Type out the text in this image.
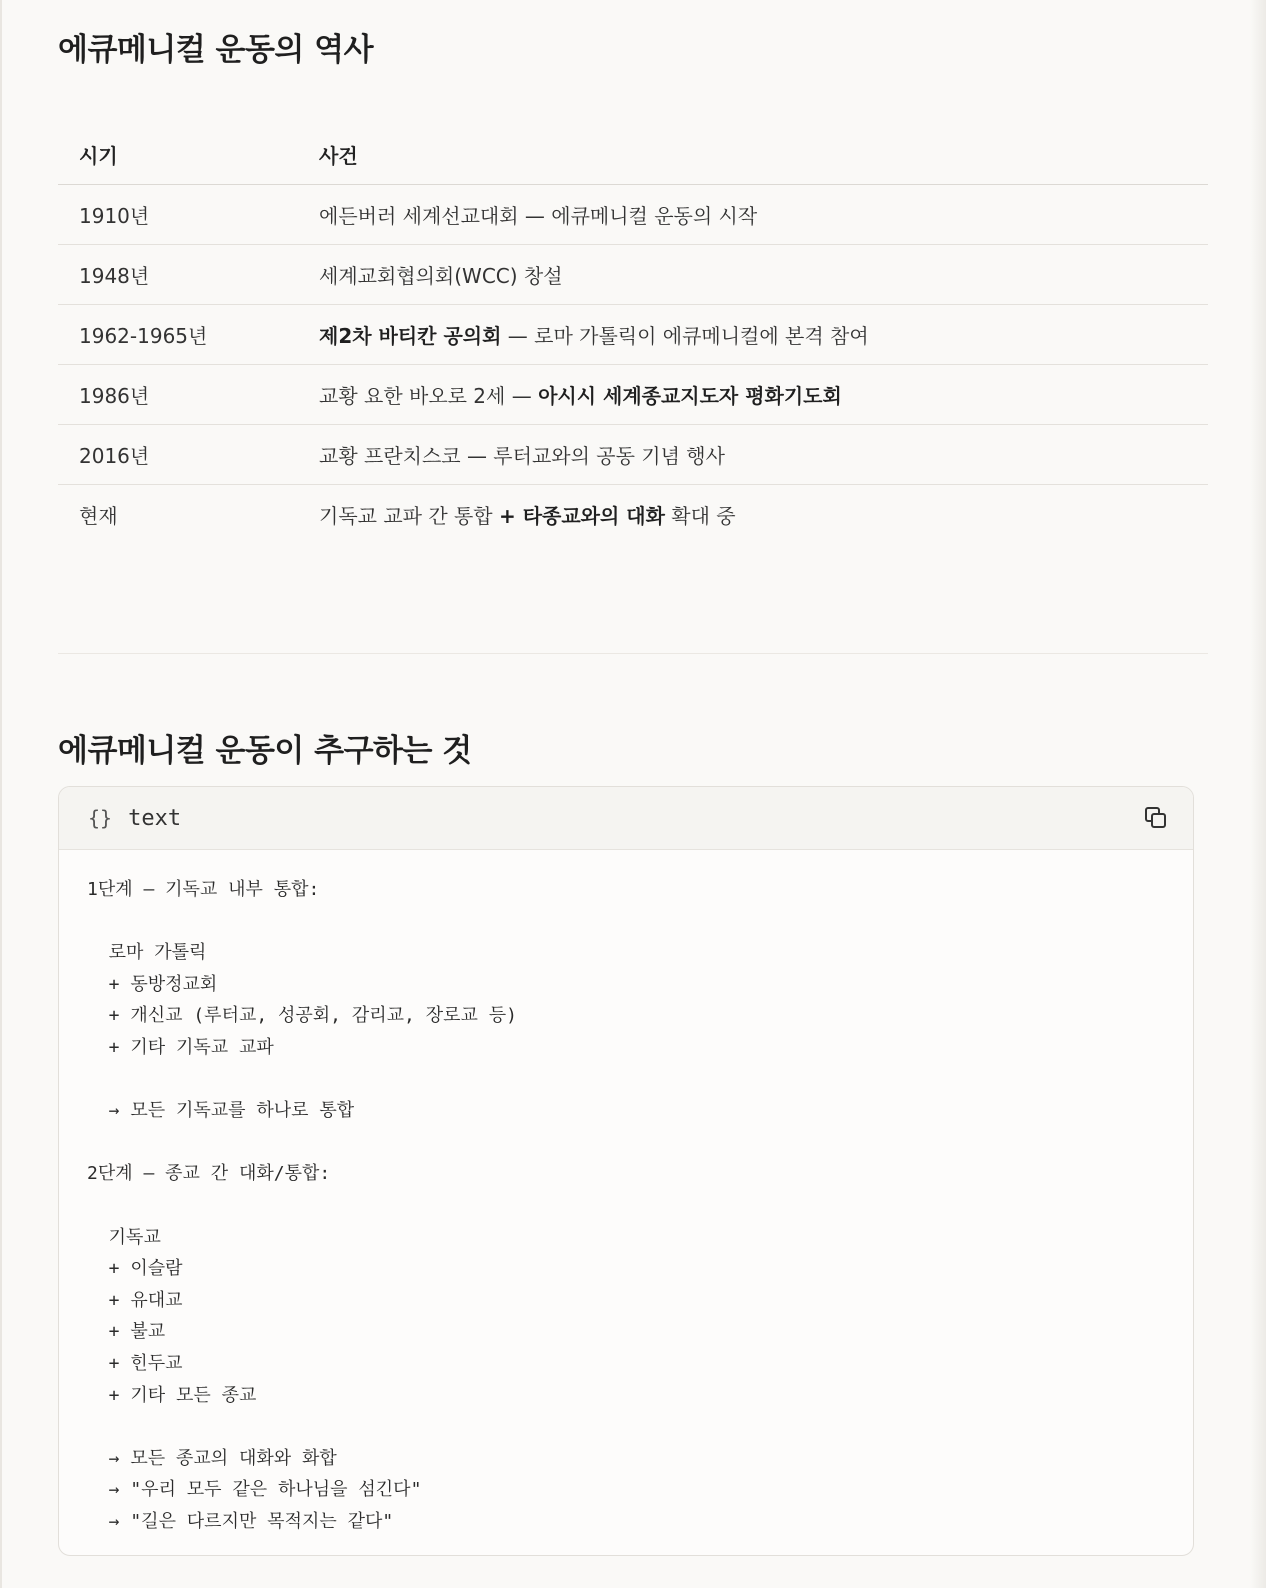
에큐메니컬 운동의 역사
시기	사건
1910년	에든버러 세계선교대회 — 에큐메니컬 운동의 시작
1948년	세계교회협의회(WCC) 창설
1962-1965년	제2차 바티칸 공의회 — 로마 가톨릭이 에큐메니컬에 본격 참여
1986년	교황 요한 바오로 2세 — 아시시 세계종교지도자 평화기도회
2016년	교황 프란치스코 — 루터교와의 공동 기념 행사
현재	기독교 교파 간 통합 + 타종교와의 대화 확대 중
에큐메니컬 운동이 추구하는 것
{} text
1단계 — 기독교 내부 통합:

로마 가톨릭
+ 동방정교회
+ 개신교 (루터교, 성공회, 감리교, 장로교 등)
+ 기타 기독교 교파

→ 모든 기독교를 하나로 통합

2단계 — 종교 간 대화/통합:

기독교
+ 이슬람
+ 유대교
+ 불교
+ 힌두교
+ 기타 모든 종교

→ 모든 종교의 대화와 화합
→ "우리 모두 같은 하나님을 섬긴다"
→ "길은 다르지만 목적지는 같다"
